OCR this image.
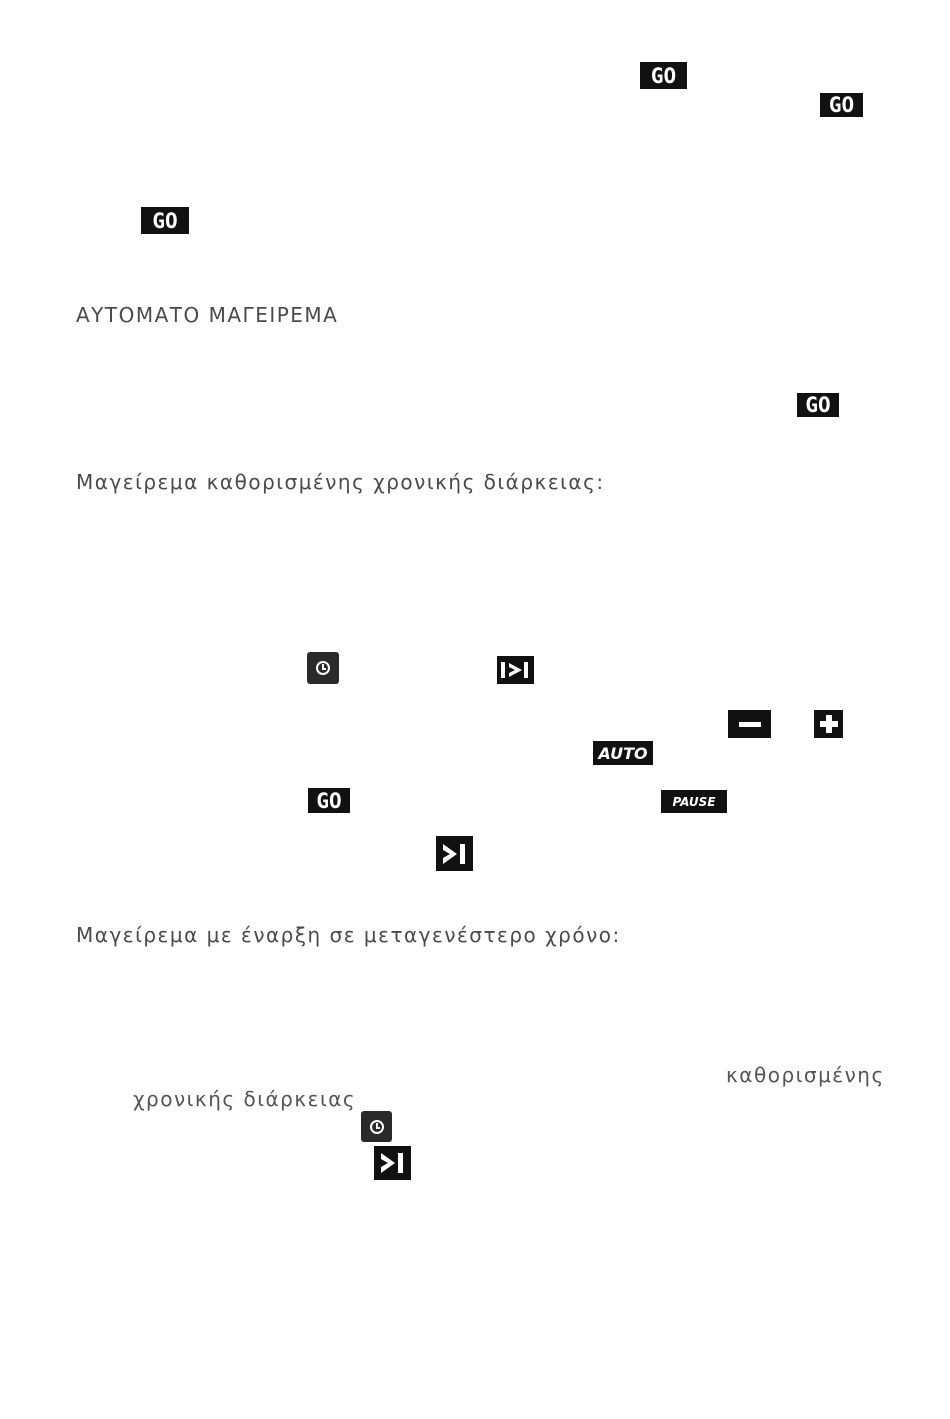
GO
GO
GO
ΑΥΤΟΜΑΤΟ ΜΑΓΕΙΡΕΜΑ
GO
Μαγείρεμα καθορισμένης χρονικής διάρκειας:
AUTO
GO	PAUSE
Μαγείρεμα με έναρξη σε μεταγενέστερο χρόνο:
καθορισμένης
χρονικής διάρκειας
